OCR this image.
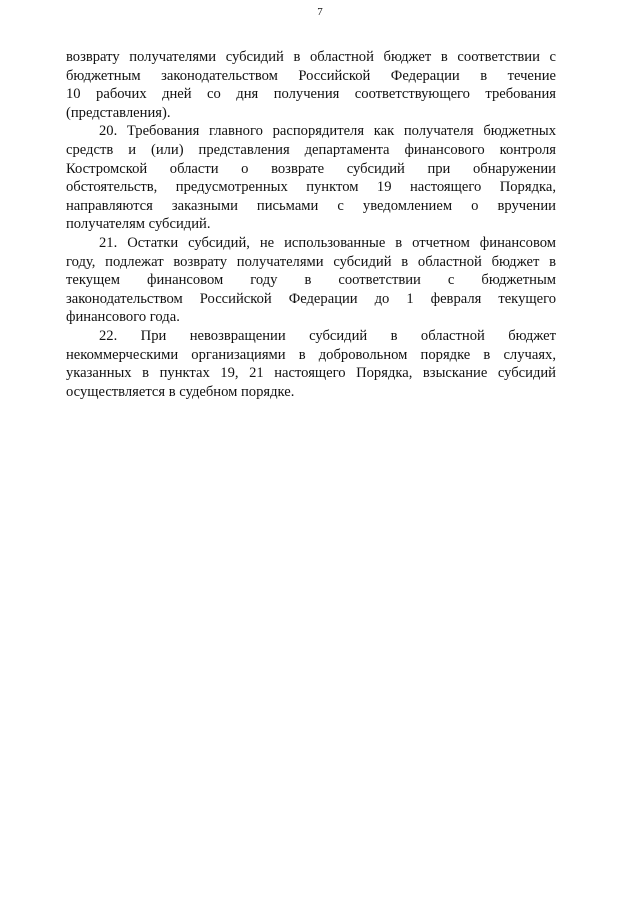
7
возврату получателями субсидий в областной бюджет в соответствии с
бюджетным законодательством Российской Федерации в течение
10 рабочих дней со дня получения соответствующего требования
(представления).
20. Требования главного распорядителя как получателя бюджетных
средств и (или) представления департамента финансового контроля
Костромской области о возврате субсидий при обнаружении
обстоятельств, предусмотренных пунктом 19 настоящего Порядка,
направляются заказными письмами с уведомлением о вручении
получателям субсидий.
21. Остатки субсидий, не использованные в отчетном финансовом
году, подлежат возврату получателями субсидий в областной бюджет в
текущем финансовом году в соответствии с бюджетным
законодательством Российской Федерации до 1 февраля текущего
финансового года.
22. При невозвращении субсидий в областной бюджет
некоммерческими организациями в добровольном порядке в случаях,
указанных в пунктах 19, 21 настоящего Порядка, взыскание субсидий
осуществляется в судебном порядке.
